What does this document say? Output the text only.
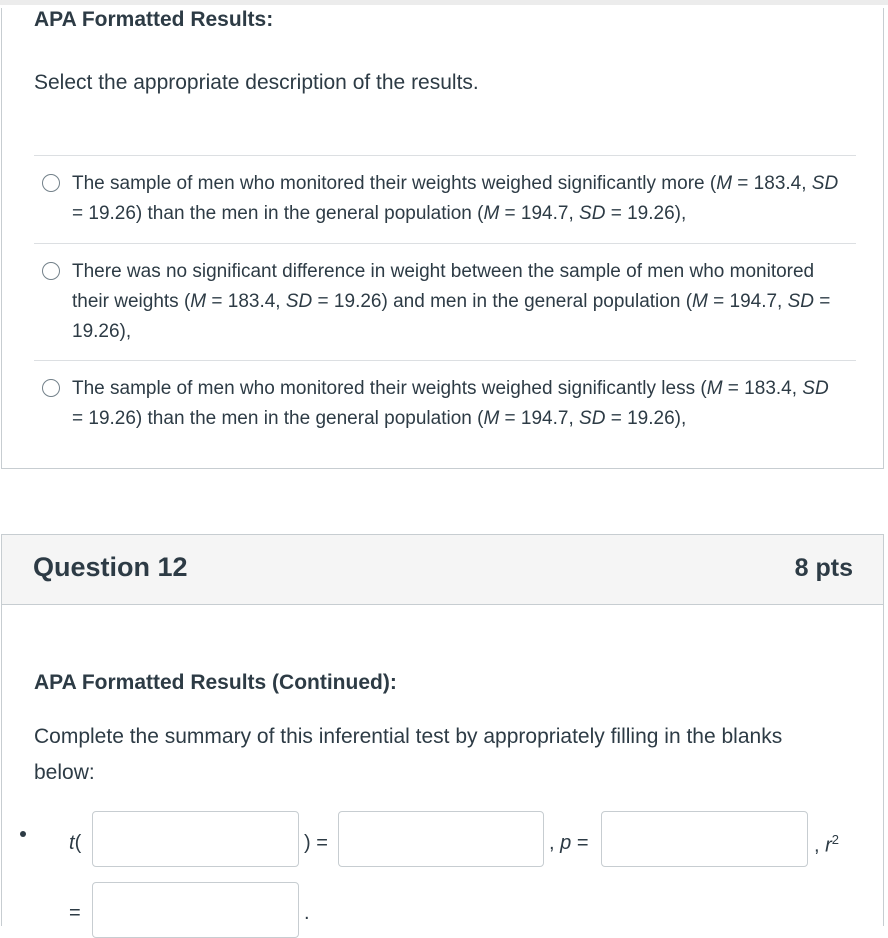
APA Formatted Results:

Select the appropriate description of the results.

The sample of men who monitored their weights weighed significantly more (M = 183.4, SD = 19.26) than the men in the general population (M = 194.7, SD = 19.26),
There was no significant difference in weight between the sample of men who monitored their weights (M = 183.4, SD = 19.26) and men in the general population (M = 194.7, SD = 19.26),
The sample of men who monitored their weights weighed significantly less (M = 183.4, SD = 19.26) than the men in the general population (M = 194.7, SD = 19.26),
Question 12	8 pts
APA Formatted Results (Continued):

Complete the summary of this inferential test by appropriately filling in the blanks below:

t(	) =	, p =	, $r^2$
=	.
